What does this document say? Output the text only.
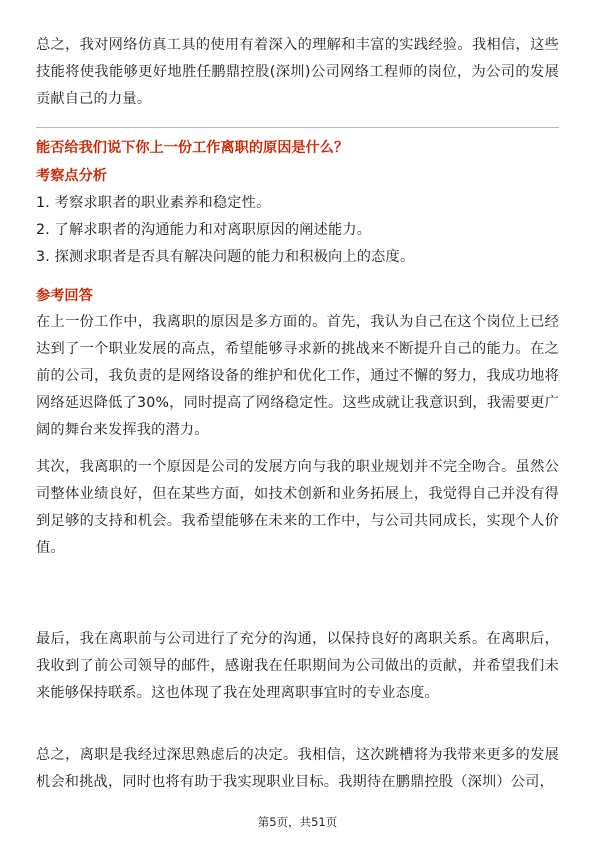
总之，我对网络仿真工具的使用有着深入的理解和丰富的实践经验。我相信，这些技能将使我能够更好地胜任鹏鼎控股(深圳)公司网络工程师的岗位，为公司的发展贡献自己的力量。

能否给我们说下你上一份工作离职的原因是什么？

考察点分析

1. 考察求职者的职业素养和稳定性。
2. 了解求职者的沟通能力和对离职原因的阐述能力。
3. 探测求职者是否具有解决问题的能力和积极向上的态度。

参考回答

在上一份工作中，我离职的原因是多方面的。首先，我认为自己在这个岗位上已经达到了一个职业发展的高点，希望能够寻求新的挑战来不断提升自己的能力。在之前的公司，我负责的是网络设备的维护和优化工作，通过不懈的努力，我成功地将网络延迟降低了30%，同时提高了网络稳定性。这些成就让我意识到，我需要更广阔的舞台来发挥我的潜力。

其次，我离职的一个原因是公司的发展方向与我的职业规划并不完全吻合。虽然公司整体业绩良好，但在某些方面，如技术创新和业务拓展上，我觉得自己并没有得到足够的支持和机会。我希望能够在未来的工作中，与公司共同成长，实现个人价值。

最后，我在离职前与公司进行了充分的沟通，以保持良好的离职关系。在离职后，我收到了前公司领导的邮件，感谢我在任职期间为公司做出的贡献，并希望我们未来能够保持联系。这也体现了我在处理离职事宜时的专业态度。

总之，离职是我经过深思熟虑后的决定。我相信，这次跳槽将为我带来更多的发展机会和挑战，同时也将有助于我实现职业目标。我期待在鹏鼎控股（深圳）公司，

第5页，共51页
